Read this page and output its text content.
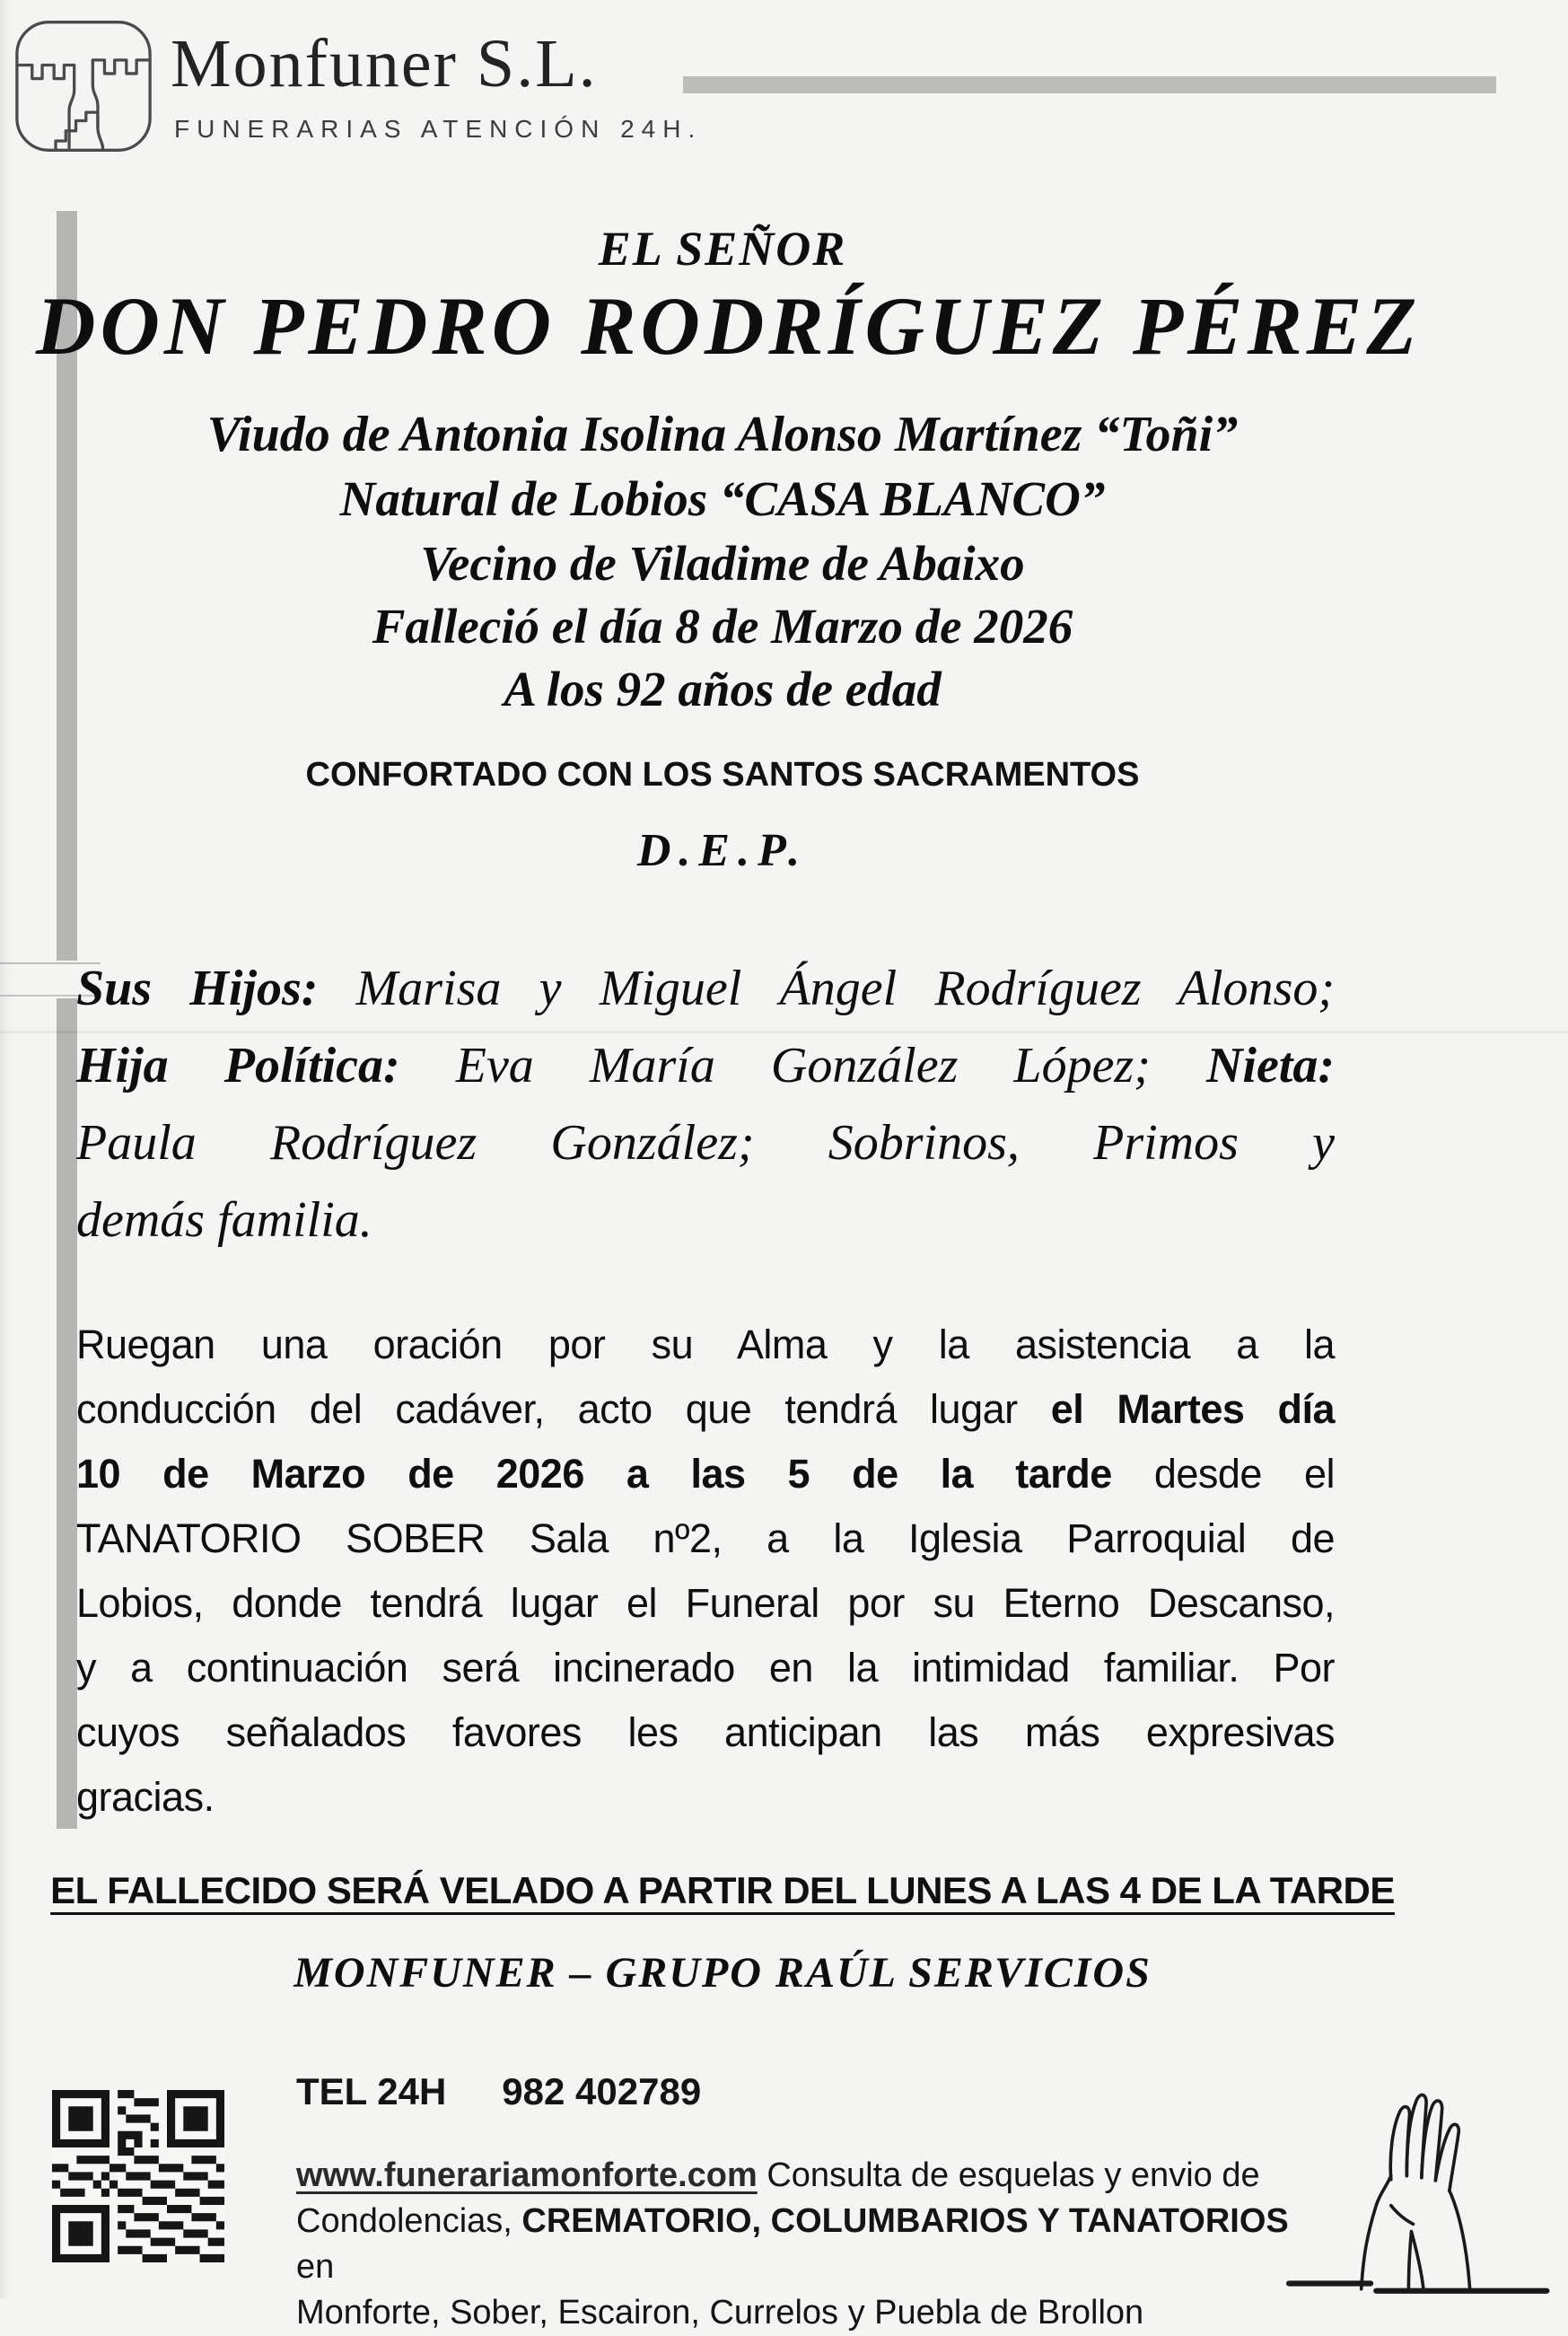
Monfuner S.L.
FUNERARIAS ATENCIÓN 24H.
EL SEÑOR
DON PEDRO RODRÍGUEZ PÉREZ
Viudo de Antonia Isolina Alonso Martínez “Toñi”
Natural de Lobios “CASA BLANCO”
Vecino de Viladime de Abaixo
Falleció el día 8 de Marzo de 2026
A los 92 años de edad
CONFORTADO CON LOS SANTOS SACRAMENTOS
D.E.P.
Sus Hijos: Marisa y Miguel Ángel Rodríguez Alonso;
Hija Política: Eva María González López; Nieta:
Paula Rodríguez González; Sobrinos, Primos y
demás familia.
Ruegan una oración por su Alma y la asistencia a la
conducción del cadáver, acto que tendrá lugar el Martes día
10 de Marzo de 2026 a las 5 de la tarde desde el
TANATORIO SOBER Sala nº2, a la Iglesia Parroquial de
Lobios, donde tendrá lugar el Funeral por su Eterno Descanso,
y a continuación será incinerado en la intimidad familiar. Por
cuyos señalados favores les anticipan las más expresivas
gracias.
EL FALLECIDO SERÁ VELADO A PARTIR DEL LUNES A LAS 4 DE LA TARDE
MONFUNER – GRUPO RAÚL SERVICIOS
TEL 24H 982 402789
www.funerariamonforte.com Consulta de esquelas y envio de
Condolencias, CREMATORIO, COLUMBARIOS Y TANATORIOS en
Monforte, Sober, Escairon, Currelos y Puebla de Brollon
